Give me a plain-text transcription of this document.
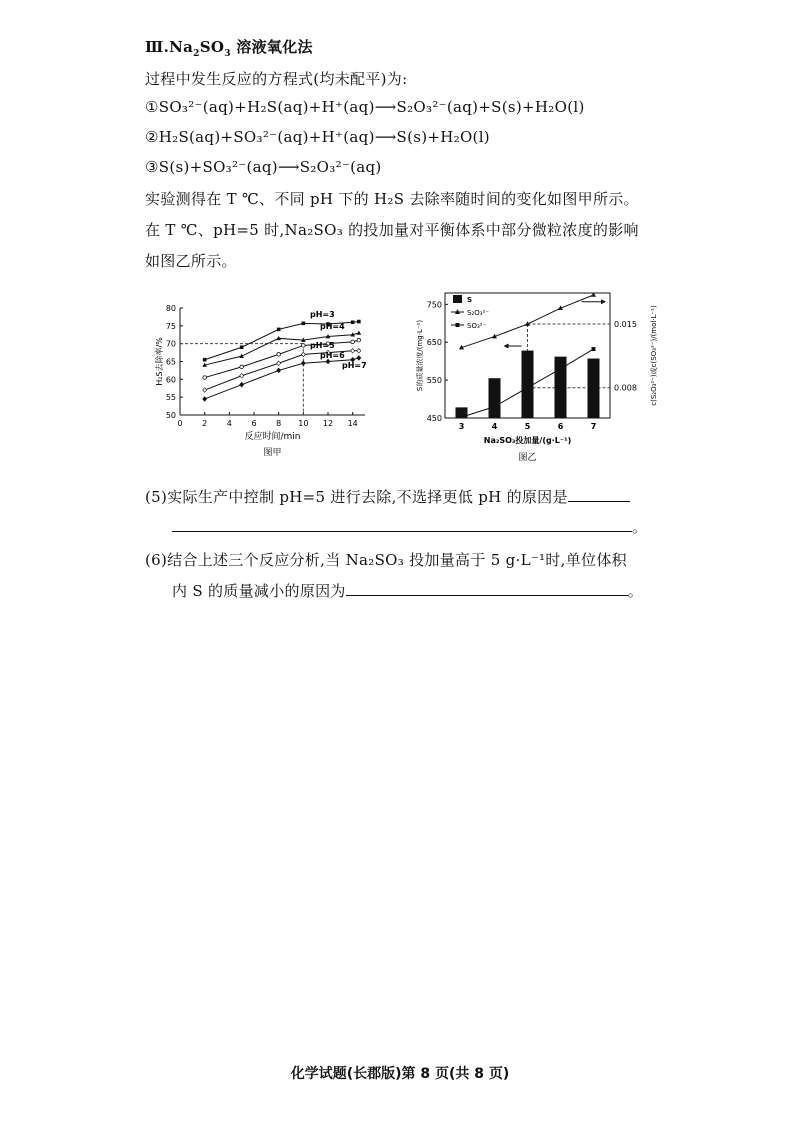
$Ⅲ.Na_2SO_3$ 溶液氧化法
过程中发生反应的方程式(均未配平)为:
①SO₃²⁻(aq)+H₂S(aq)+H⁺(aq)⟶S₂O₃²⁻(aq)+S(s)+H₂O(l)
②H₂S(aq)+SO₃²⁻(aq)+H⁺(aq)⟶S(s)+H₂O(l)
③S(s)+SO₃²⁻(aq)⟶S₂O₃²⁻(aq)
实验测得在 T ℃、不同 pH 下的 H₂S 去除率随时间的变化如图甲所示。
在 T ℃、pH=5 时,Na₂SO₃ 的投加量对平衡体系中部分微粒浓度的影响
如图乙所示。
50
55
60
65
70
75
80
0 2 4 6 8 10 12 14
pH=3
pH=4
pH=5
pH=6
pH=7
反应时间/min
H₂S去除率/%
图甲
450
550
650
750
3	4	5	6	7
0.015
0.008
S
S₂O₃²⁻
SO₃²⁻
Na₂SO₃投加量/(g·L⁻¹)
S的质量浓度/(mg·L⁻¹)	c(S₂O₃²⁻)或c(SO₃²⁻)/(mol·L⁻¹)
图乙
(5)实际生产中控制 pH=5 进行去除,不选择更低 pH 的原因是
。
(6)结合上述三个反应分析,当 Na₂SO₃ 投加量高于 5 g·L⁻¹时,单位体积
内 S 的质量减小的原因为	。
化学试题(长郡版)第 8 页(共 8 页)
